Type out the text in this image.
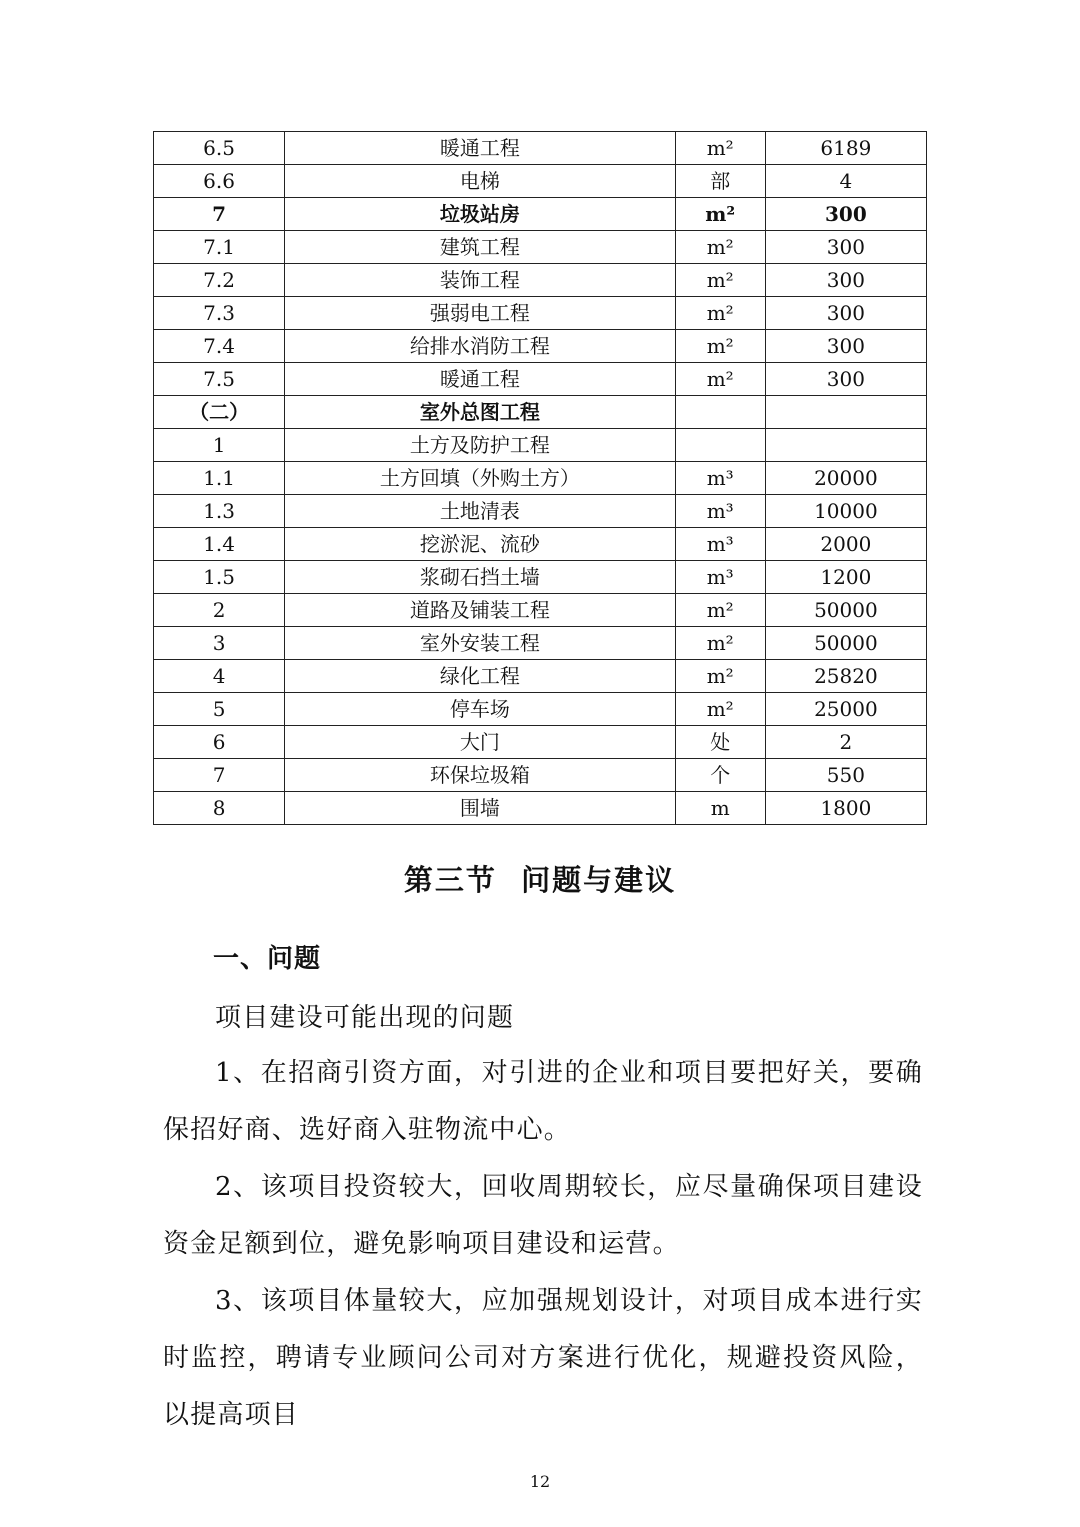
6.5	暖通工程	m²	6189
6.6	电梯	部	4
7	垃圾站房	m²	300
7.1	建筑工程	m²	300
7.2	装饰工程	m²	300
7.3	强弱电工程	m²	300
7.4	给排水消防工程	m²	300
7.5	暖通工程	m²	300
（二）	室外总图工程		
1	土方及防护工程		
1.1	土方回填（外购土方）	m³	20000
1.3	土地清表	m³	10000
1.4	挖淤泥、流砂	m³	2000
1.5	浆砌石挡土墙	m³	1200
2	道路及铺装工程	m²	50000
3	室外安装工程	m²	50000
4	绿化工程	m²	25820
5	停车场	m²	25000
6	大门	处	2
7	环保垃圾箱	个	550
8	围墙	m	1800
第三节  问题与建议
一、问题
项目建设可能出现的问题
1、在招商引资方面，对引进的企业和项目要把好关，要确保招好商、选好商入驻物流中心。
2、该项目投资较大，回收周期较长，应尽量确保项目建设资金足额到位，避免影响项目建设和运营。
3、该项目体量较大，应加强规划设计，对项目成本进行实时监控，聘请专业顾问公司对方案进行优化，规避投资风险，以提高项目
12
